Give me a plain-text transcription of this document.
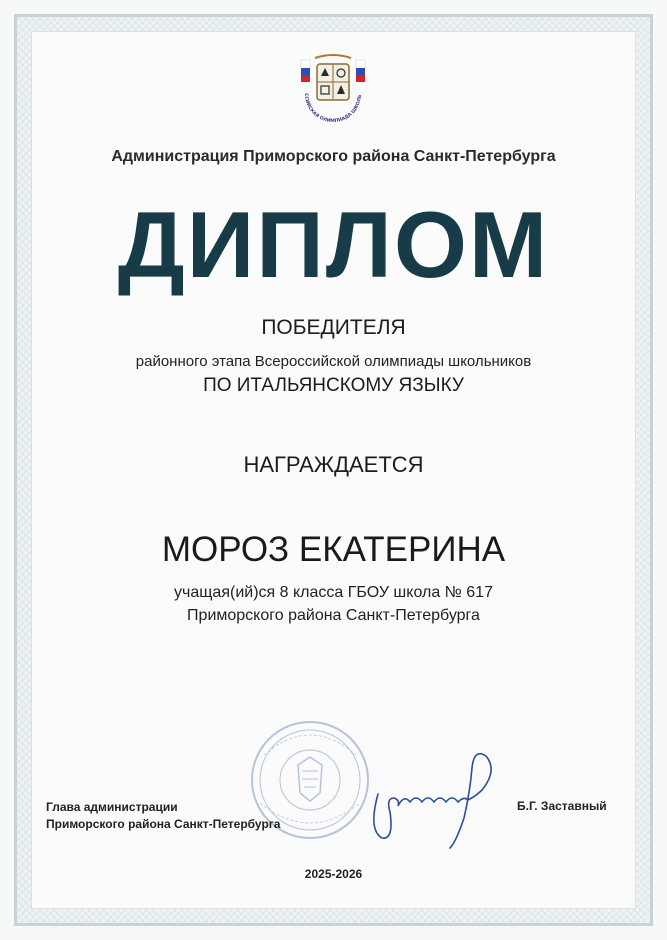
ССИЙСКАЯ ОЛИМПИАДА ШКОЛЬ
Администрация Приморского района Санкт-Петербурга
ДИПЛОМ
ПОБЕДИТЕЛЯ
районного этапа Всероссийской олимпиады школьников
ПО ИТАЛЬЯНСКОМУ ЯЗЫКУ
НАГРАЖДАЕТСЯ
МОРОЗ ЕКАТЕРИНА
учащая(ий)ся 8 класса ГБОУ школа № 617
Приморского района Санкт-Петербурга
Глава администрации
Приморского района Санкт-Петербурга
Б.Г. Заставный
2025-2026
